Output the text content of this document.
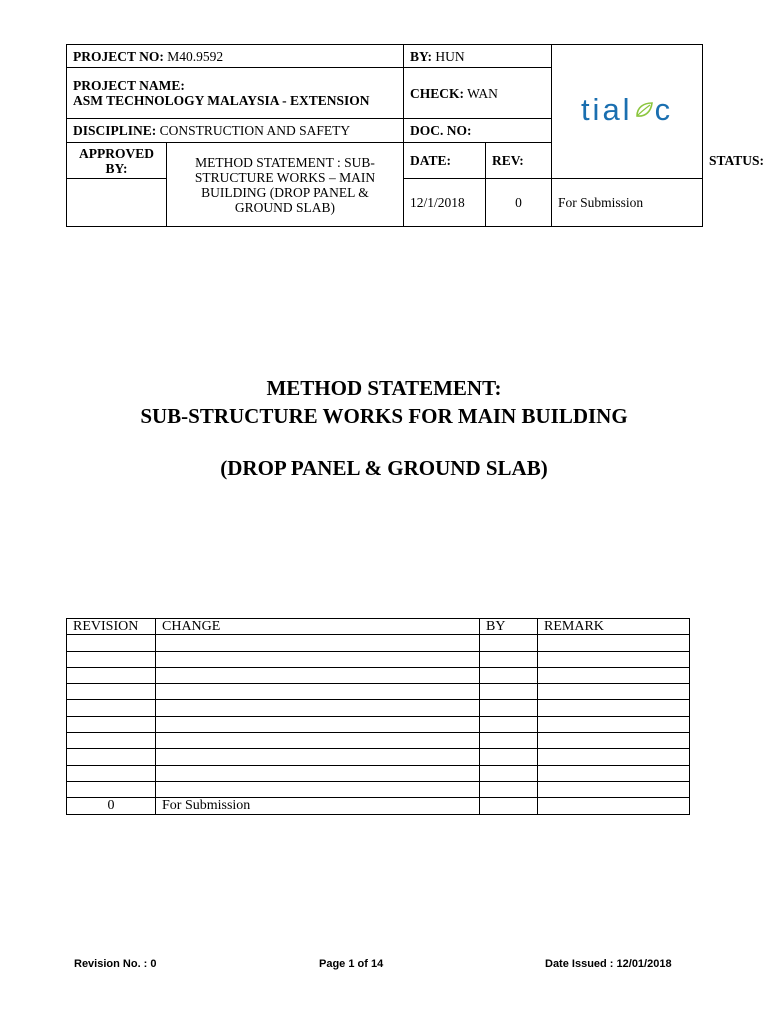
PROJECT NO: M40.9592		BY: HUN		tial c	

PROJECT NAME:
ASM TECHNOLOGY MALAYSIA - EXTENSION		CHECK: WAN			
DISCIPLINE: CONSTRUCTION AND SAFETY		DOC. NO:			
APPROVED BY:	METHOD STATEMENT : SUB-STRUCTURE WORKS – MAIN BUILDING (DROP PANEL & GROUND SLAB)	DATE:	REV:		STATUS:
		12/1/2018	0	For Submission	
METHOD STATEMENT:
SUB-STRUCTURE WORKS FOR MAIN BUILDING
(DROP PANEL & GROUND SLAB)
REVISION	CHANGE	BY	REMARK

0	For Submission		
Revision No. : 0	Page 1 of 14	Date Issued : 12/01/2018
